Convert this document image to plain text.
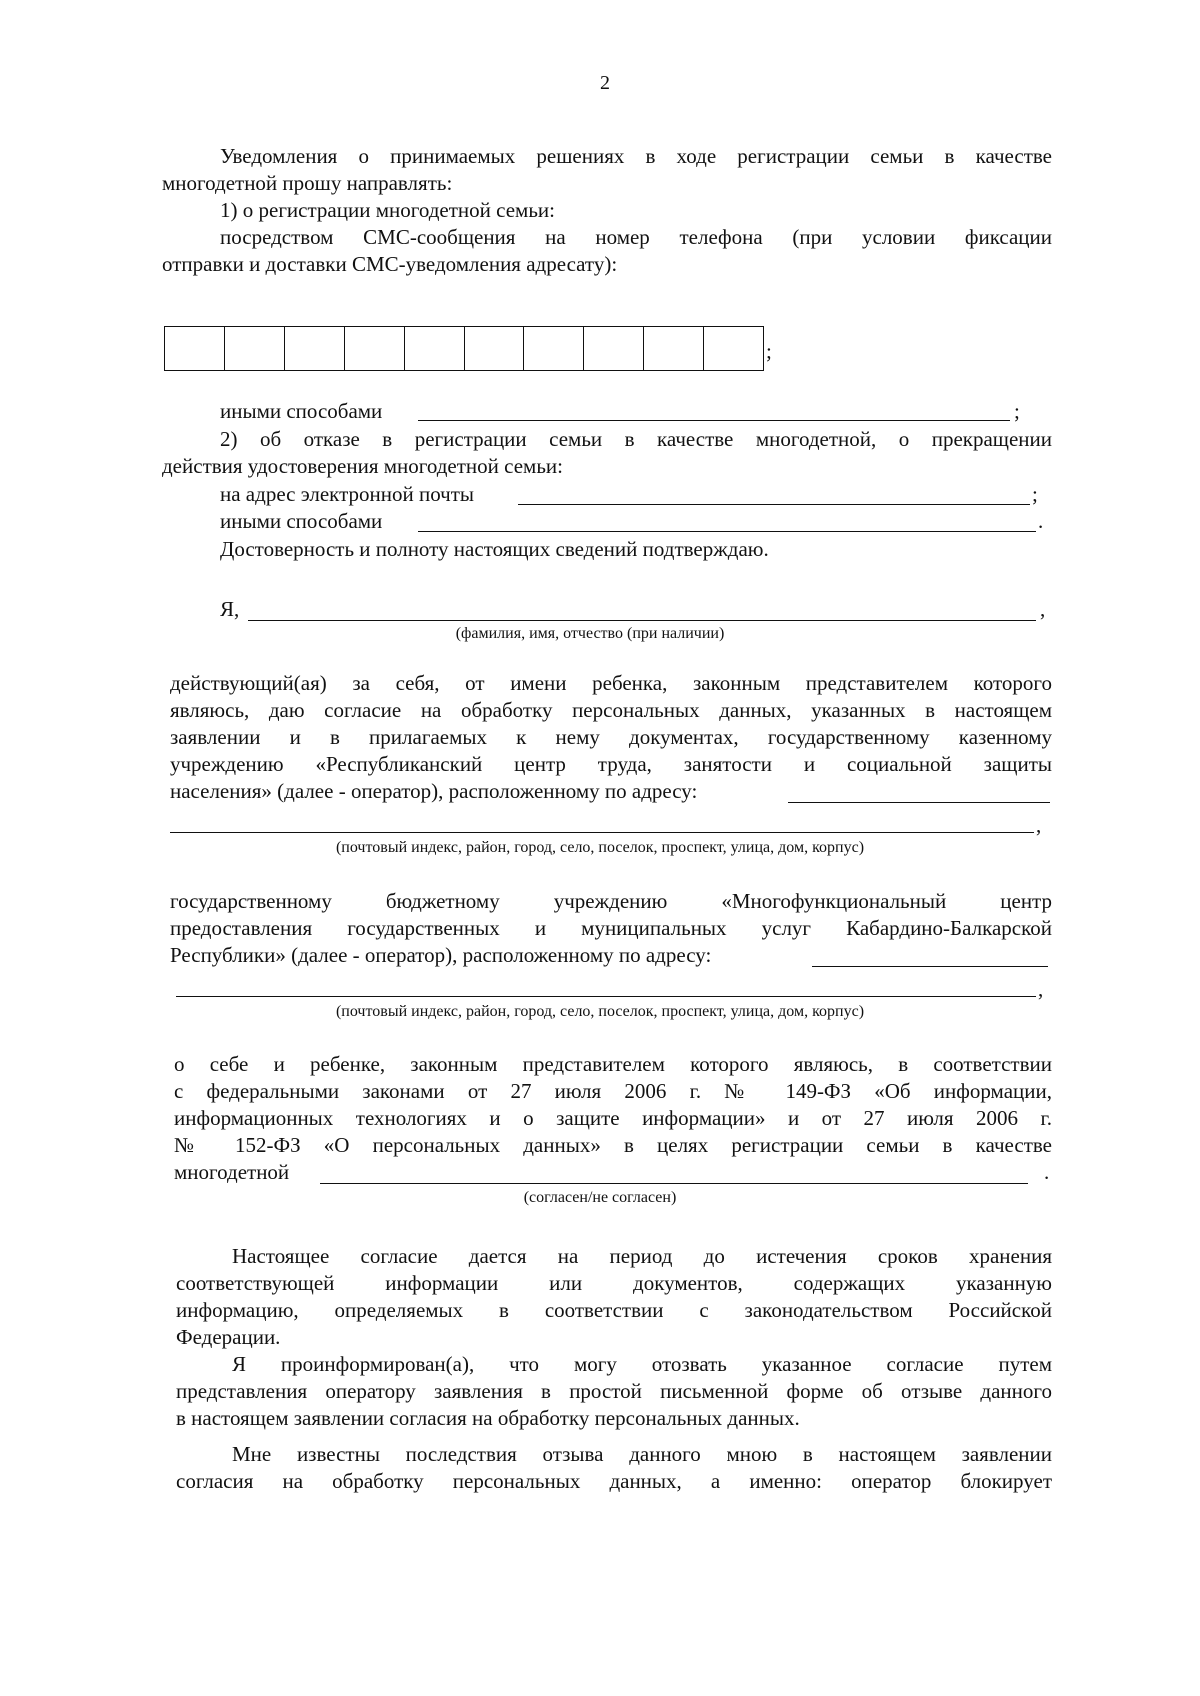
2
Уведомления о принимаемых решениях в ходе регистрации семьи в качестве
многодетной прошу направлять:
1) о регистрации многодетной семьи:
посредством СМС-сообщения на номер телефона (при условии фиксации
отправки и доставки СМС-уведомления адресату):
;
иными способами	;
2) об отказе в регистрации семьи в качестве многодетной, о прекращении
действия удостоверения многодетной семьи:
на адрес электронной почты	;
иными способами	.
Достоверность и полноту настоящих сведений подтверждаю.
Я,	,
(фамилия, имя, отчество (при наличии)
действующий(ая) за себя, от имени ребенка, законным представителем которого
являюсь, даю согласие на обработку персональных данных, указанных в настоящем
заявлении и в прилагаемых к нему документах, государственному казенному
учреждению «Республиканский центр труда, занятости и социальной защиты
населения» (далее - оператор), расположенному по адресу:
,
(почтовый индекс, район, город, село, поселок, проспект, улица, дом, корпус)
государственному бюджетному учреждению «Многофункциональный центр
предоставления государственных и муниципальных услуг Кабардино-Балкарской
Республики» (далее - оператор), расположенному по адресу:
,
(почтовый индекс, район, город, село, поселок, проспект, улица, дом, корпус)
о себе и ребенке, законным представителем которого являюсь, в соответствии
с федеральными законами от 27 июля 2006 г. № 149-ФЗ «Об информации,
информационных технологиях и о защите информации» и от 27 июля 2006 г.
№ 152-ФЗ «О персональных данных» в целях регистрации семьи в качестве
многодетной	.
(согласен/не согласен)
Настоящее согласие дается на период до истечения сроков хранения
соответствующей информации или документов, содержащих указанную
информацию, определяемых в соответствии с законодательством Российской
Федерации.
Я проинформирован(а), что могу отозвать указанное согласие путем
представления оператору заявления в простой письменной форме об отзыве данного
в настоящем заявлении согласия на обработку персональных данных.
Мне известны последствия отзыва данного мною в настоящем заявлении
согласия на обработку персональных данных, а именно: оператор блокирует
